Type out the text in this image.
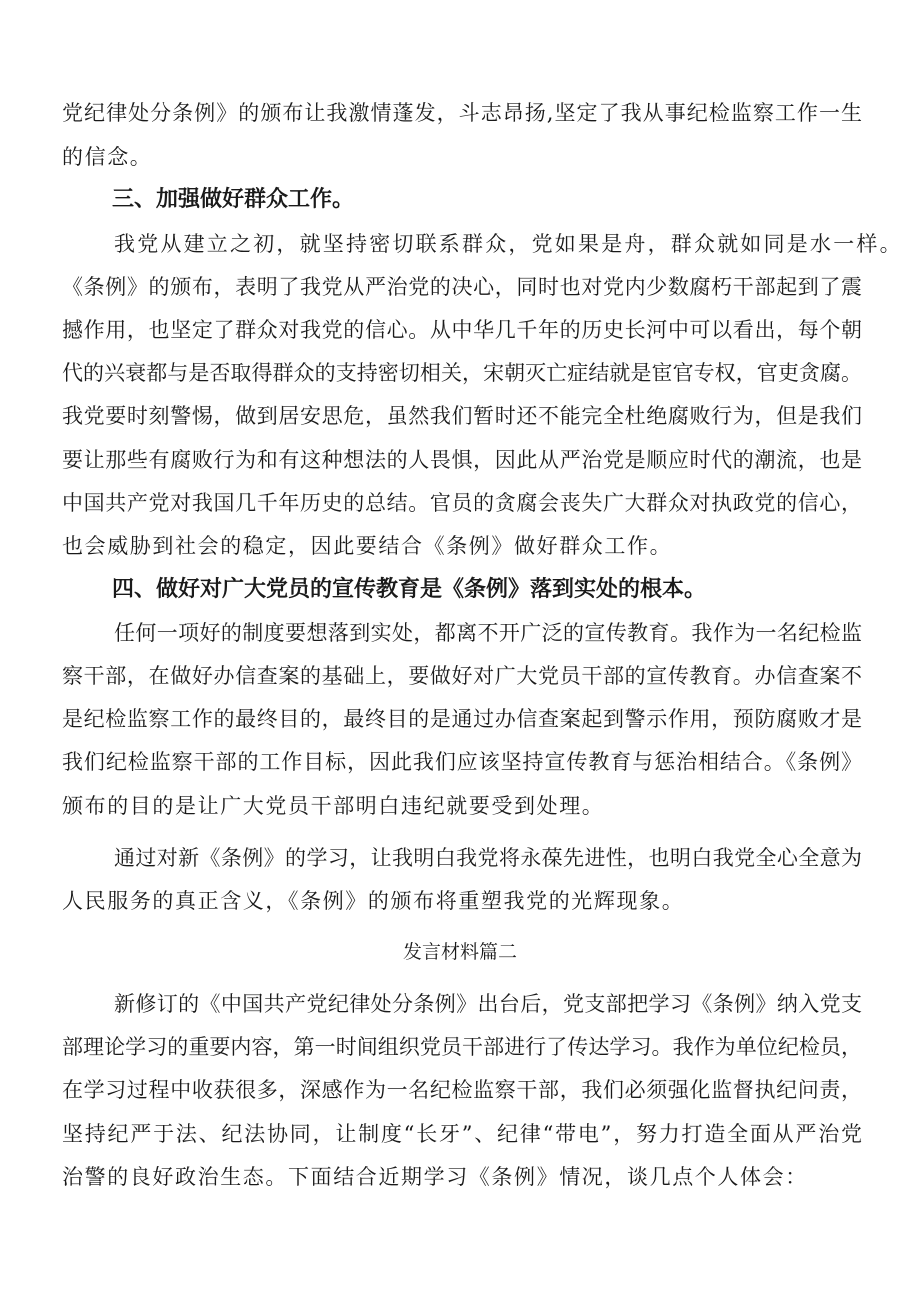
党纪律处分条例》的颁布让我激情蓬发，斗志昂扬,坚定了我从事纪检监察工作一生
的信念。
三、加强做好群众工作。
我党从建立之初，就坚持密切联系群众，党如果是舟，群众就如同是水一样。
《条例》的颁布，表明了我党从严治党的决心，同时也对党内少数腐朽干部起到了震
撼作用，也坚定了群众对我党的信心。从中华几千年的历史长河中可以看出，每个朝
代的兴衰都与是否取得群众的支持密切相关，宋朝灭亡症结就是宦官专权，官吏贪腐。
我党要时刻警惕，做到居安思危，虽然我们暂时还不能完全杜绝腐败行为，但是我们
要让那些有腐败行为和有这种想法的人畏惧，因此从严治党是顺应时代的潮流，也是
中国共产党对我国几千年历史的总结。官员的贪腐会丧失广大群众对执政党的信心，
也会威胁到社会的稳定，因此要结合《条例》做好群众工作。
四、做好对广大党员的宣传教育是《条例》落到实处的根本。
任何一项好的制度要想落到实处，都离不开广泛的宣传教育。我作为一名纪检监
察干部，在做好办信查案的基础上，要做好对广大党员干部的宣传教育。办信查案不
是纪检监察工作的最终目的，最终目的是通过办信查案起到警示作用，预防腐败才是
我们纪检监察干部的工作目标，因此我们应该坚持宣传教育与惩治相结合。《条例》
颁布的目的是让广大党员干部明白违纪就要受到处理。
通过对新《条例》的学习，让我明白我党将永葆先进性，也明白我党全心全意为
人民服务的真正含义，《条例》的颁布将重塑我党的光辉现象。
发言材料篇二
新修订的《中国共产党纪律处分条例》出台后，党支部把学习《条例》纳入党支
部理论学习的重要内容，第一时间组织党员干部进行了传达学习。我作为单位纪检员，
在学习过程中收获很多，深感作为一名纪检监察干部，我们必须强化监督执纪问责，
坚持纪严于法、纪法协同，让制度“长牙”、纪律“带电”，努力打造全面从严治党
治警的良好政治生态。下面结合近期学习《条例》情况，谈几点个人体会：
